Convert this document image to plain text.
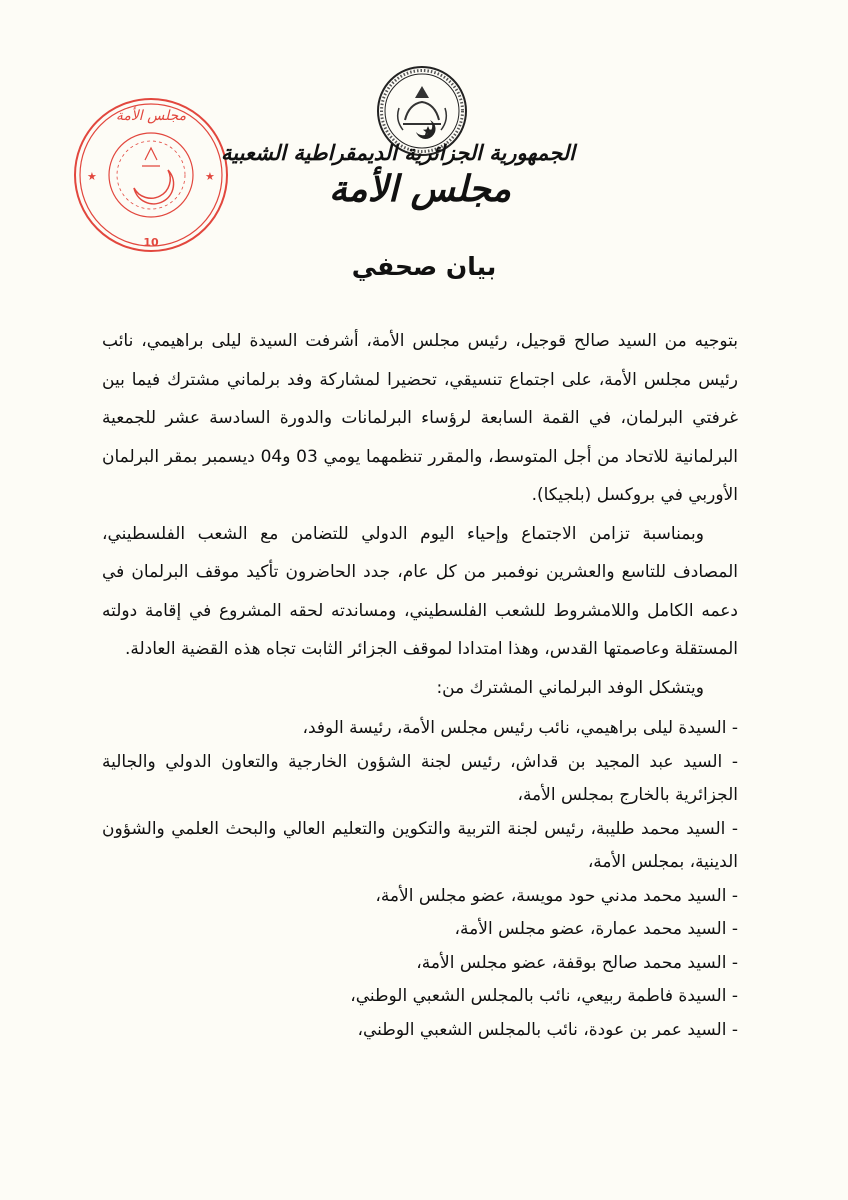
★	★
مجلس الأمة
10
الجمهورية الجزائرية الديمقراطية الشعبية
مجلس الأمة
بيان صحفي

بتوجيه من السيد صالح قوجيل، رئيس مجلس الأمة، أشرفت السيدة ليلى براهيمي، نائب رئيس مجلس الأمة، على اجتماع تنسيقي، تحضيرا لمشاركة وفد برلماني مشترك فيما بين غرفتي البرلمان، في القمة السابعة لرؤساء البرلمانات والدورة السادسة عشر للجمعية البرلمانية للاتحاد من أجل المتوسط، والمقرر تنظمهما يومي 03 و04 ديسمبر بمقر البرلمان الأوربي في بروكسل (بلجيكا).

وبمناسبة تزامن الاجتماع وإحياء اليوم الدولي للتضامن مع الشعب الفلسطيني، المصادف للتاسع والعشرين نوفمبر من كل عام، جدد الحاضرون تأكيد موقف البرلمان في دعمه الكامل واللامشروط للشعب الفلسطيني، ومساندته لحقه المشروع في إقامة دولته المستقلة وعاصمتها القدس، وهذا امتدادا لموقف الجزائر الثابت تجاه هذه القضية العادلة.

ويتشكل الوفد البرلماني المشترك من:

- السيدة ليلى براهيمي، نائب رئيس مجلس الأمة، رئيسة الوفد،
- السيد عبد المجيد بن قداش، رئيس لجنة الشؤون الخارجية والتعاون الدولي والجالية الجزائرية بالخارج بمجلس الأمة،
- السيد محمد طليبة، رئيس لجنة التربية والتكوين والتعليم العالي والبحث العلمي والشؤون الدينية، بمجلس الأمة،
- السيد محمد مدني حود مويسة، عضو مجلس الأمة،
- السيد محمد عمارة، عضو مجلس الأمة،
- السيد محمد صالح بوقفة، عضو مجلس الأمة،
- السيدة فاطمة ربيعي، نائب بالمجلس الشعبي الوطني،
- السيد عمر بن عودة، نائب بالمجلس الشعبي الوطني،
